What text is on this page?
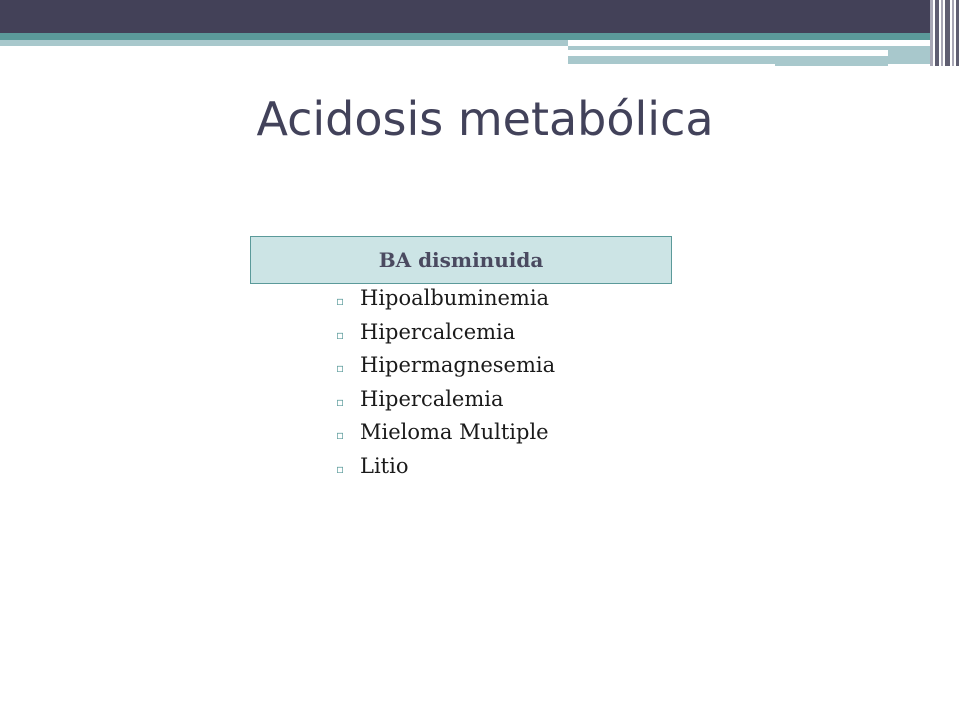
Acidosis metabólica
BA disminuida
▫ Hipoalbuminemia
▫ Hipercalcemia
▫ Hipermagnesemia
▫ Hipercalemia
▫ Mieloma Multiple
▫ Litio
